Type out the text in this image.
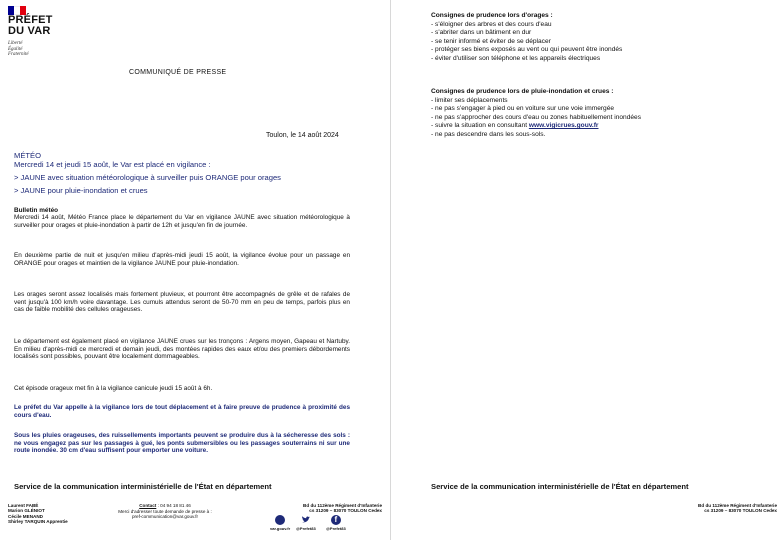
PRÉFET
DU VAR
Liberté
Égalité
Fraternité
COMMUNIQUÉ DE PRESSE
Toulon, le 14 août 2024
MÉTÉO
Mercredi 14 et jeudi 15 août, le Var est placé en vigilance :
> JAUNE avec situation météorologique à surveiller puis ORANGE pour orages
> JAUNE pour pluie-inondation et crues
Bulletin météo
Mercredi 14 août, Météo France place le département du Var en vigilance JAUNE avec situation météorologique à surveiller pour orages et pluie-inondation à partir de 12h et jusqu'en fin de journée.
En deuxième partie de nuit et jusqu'en milieu d'après-midi jeudi 15 août, la vigilance évolue pour un passage en ORANGE pour orages et maintien de la vigilance JAUNE pour pluie-inondation.
Les orages seront assez localisés mais fortement pluvieux, et pourront être accompagnés de grêle et de rafales de vent jusqu'à 100 km/h voire davantage. Les cumuls attendus seront de 50-70 mm en peu de temps, parfois plus en cas de faible mobilité des cellules orageuses.
Le département est également placé en vigilance JAUNE crues sur les tronçons : Argens moyen, Gapeau et Nartuby. En milieu d'après-midi ce mercredi et demain jeudi, des montées rapides des eaux et/ou des premiers débordements localisés sont possibles, pouvant être localement dommageables.
Cet épisode orageux met fin à la vigilance canicule jeudi 15 août à 6h.
Le préfet du Var appelle à la vigilance lors de tout déplacement et à faire preuve de prudence à proximité des cours d'eau.
Sous les pluies orageuses, des ruissellements importants peuvent se produire dus à la sécheresse des sols : ne vous engagez pas sur les passages à gué, les ponts submersibles ou les passages souterrains ni sur une route inondée. 30 cm d'eau suffisent pour emporter une voiture.
Service de la communication interministérielle de l'État en département
Laurent FABÉ
Marion GLÉNIOT
Cécile MENAND
Shirley TARQUIN Apprentie
Contact : 04 94 18 81 46
Merci d'adresser toute demande de presse à :
pref-communication@var.gouv.fr
Bd du 112ème Régiment d'Infanterie
cs 31209 – 83070 TOULON Cedex
var.gouv.fr @Prefet83
f
@Prefet83
Consignes de prudence lors d'orages :
- s'éloigner des arbres et des cours d'eau
- s'abriter dans un bâtiment en dur
- se tenir informé et éviter de se déplacer
- protéger ses biens exposés au vent ou qui peuvent être inondés
- éviter d'utiliser son téléphone et les appareils électriques
Consignes de prudence lors de pluie-inondation et crues :
- limiter ses déplacements
- ne pas s'engager à pied ou en voiture sur une voie immergée
- ne pas s'approcher des cours d'eau ou zones habituellement inondées
- suivre la situation en consultant www.vigicrues.gouv.fr
- ne pas descendre dans les sous-sols.
Service de la communication interministérielle de l'État en département
Bd du 112ème Régiment d'Infanterie
cs 31209 – 83070 TOULON Cedex
